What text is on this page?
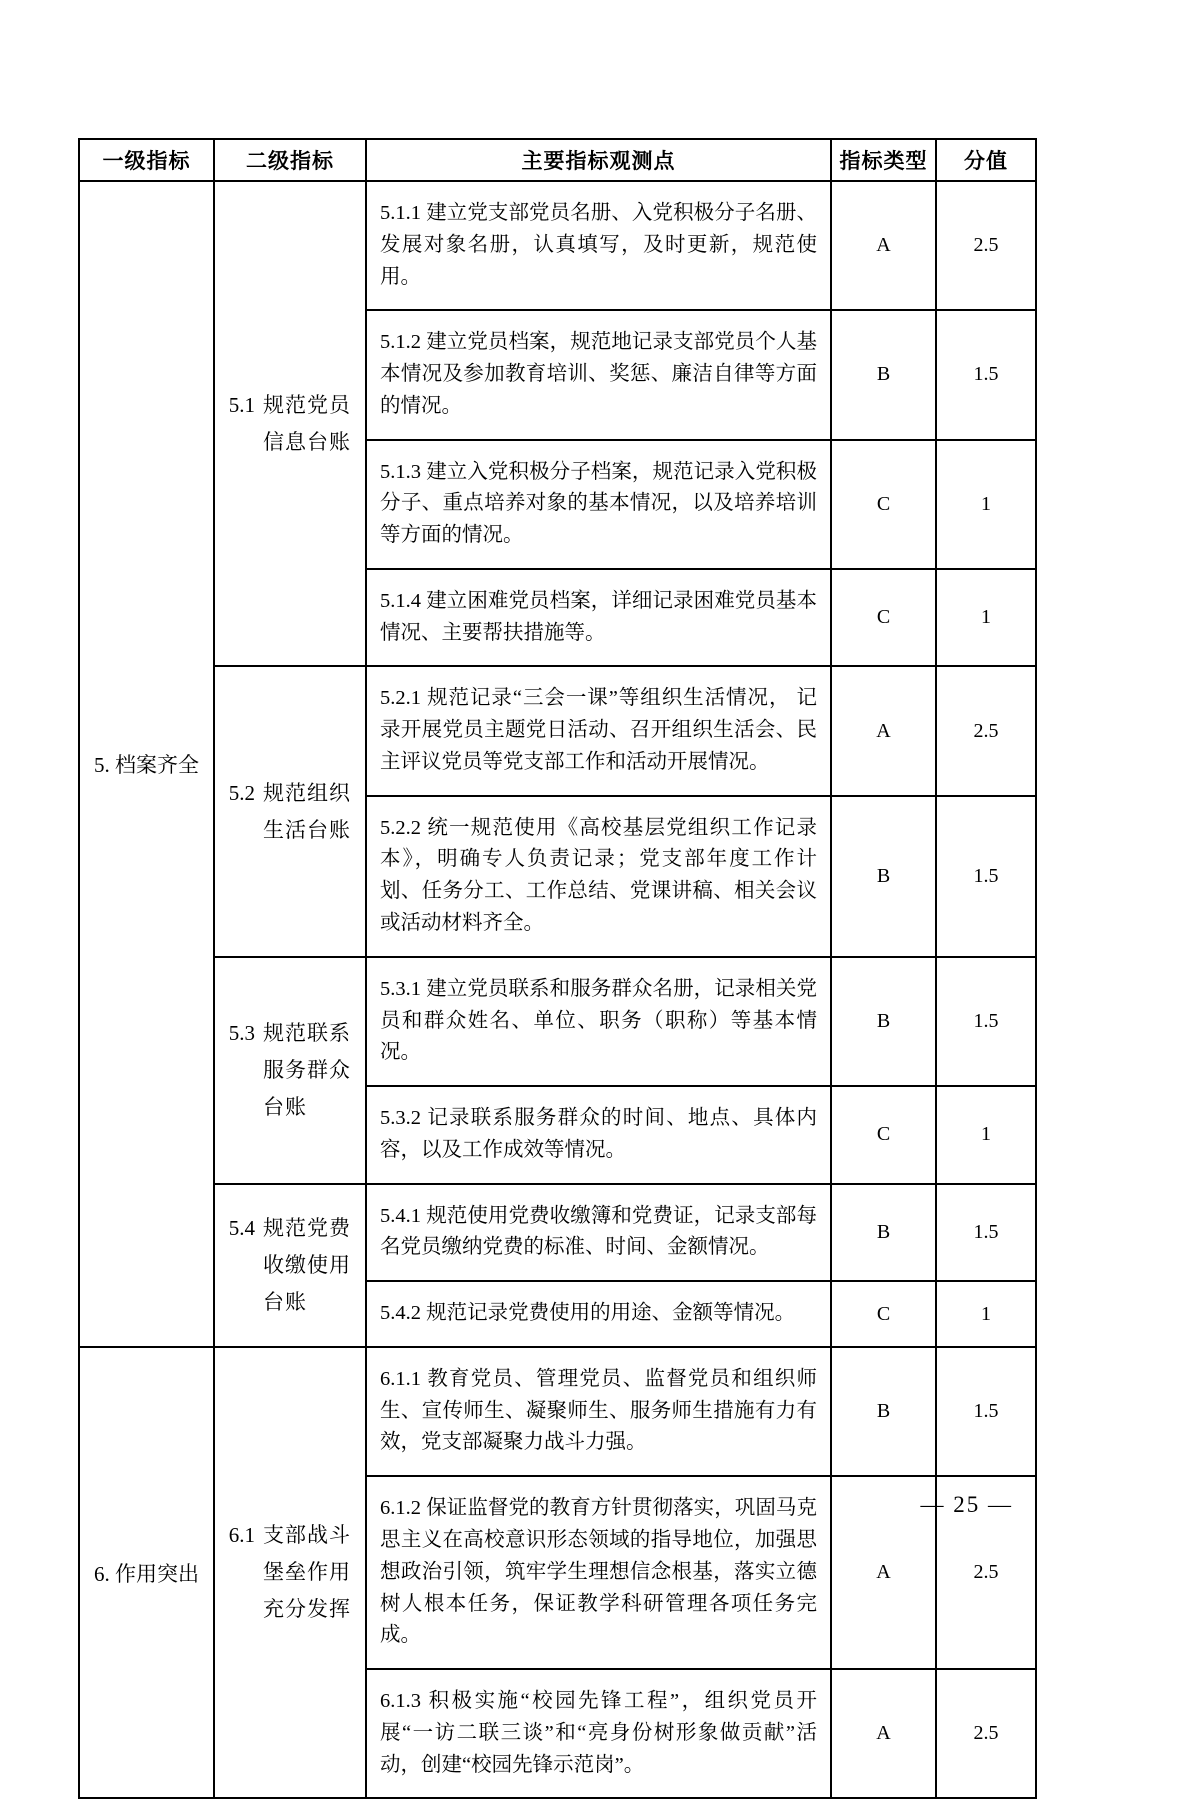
一级指标	二级指标	主要指标观测点	指标类型	分值
5. 档案齐全	5.1 规范党员信息台账	5.1.1 建立党支部党员名册、入党积极分子名册、发展对象名册，认真填写，及时更新，规范使用。	A	2.5
		5.1.2 建立党员档案，规范地记录支部党员个人基本情况及参加教育培训、奖惩、廉洁自律等方面的情况。	B	1.5
		5.1.3 建立入党积极分子档案，规范记录入党积极分子、重点培养对象的基本情况，以及培养培训等方面的情况。	C	1
		5.1.4 建立困难党员档案，详细记录困难党员基本情况、主要帮扶措施等。	C	1

	5.2 规范组织生活台账	5.2.1 规范记录“三会一课”等组织生活情况， 记录开展党员主题党日活动、召开组织生活会、民主评议党员等党支部工作和活动开展情况。	A	2.5
		5.2.2 统一规范使用《高校基层党组织工作记录本》，明确专人负责记录；党支部年度工作计划、任务分工、工作总结、党课讲稿、相关会议或活动材料齐全。	B	1.5

	5.3 规范联系服务群众台账	5.3.1 建立党员联系和服务群众名册，记录相关党员和群众姓名、单位、职务（职称）等基本情况。	B	1.5
		5.3.2 记录联系服务群众的时间、地点、具体内容，以及工作成效等情况。	C	1

	5.4 规范党费收缴使用台账	5.4.1 规范使用党费收缴簿和党费证，记录支部每名党员缴纳党费的标准、时间、金额情况。	B	1.5
		5.4.2 规范记录党费使用的用途、金额等情况。	C	1
6. 作用突出	6.1 支部战斗堡垒作用充分发挥	6.1.1 教育党员、管理党员、监督党员和组织师生、宣传师生、凝聚师生、服务师生措施有力有效，党支部凝聚力战斗力强。	B	1.5
		6.1.2 保证监督党的教育方针贯彻落实，巩固马克思主义在高校意识形态领域的指导地位，加强思想政治引领，筑牢学生理想信念根基，落实立德树人根本任务，保证教学科研管理各项任务完成。	A	2.5
		6.1.3 积极实施“校园先锋工程”，组织党员开展“一访二联三谈”和“亮身份树形象做贡献”活动，创建“校园先锋示范岗”。	A	2.5
— 25 —
